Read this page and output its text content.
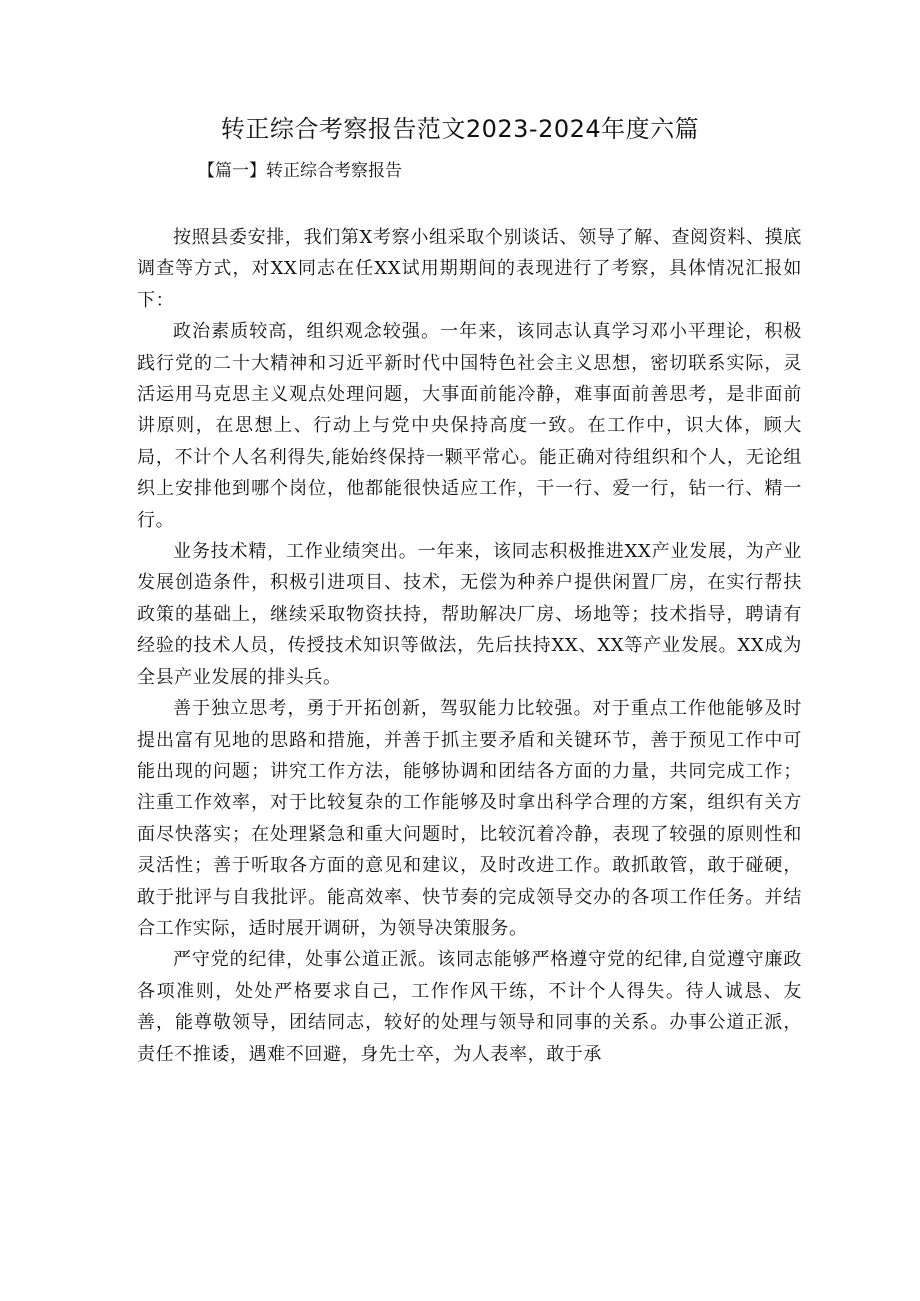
转正综合考察报告范文2023-2024年度六篇
【篇一】转正综合考察报告

按照县委安排，我们第X考察小组采取个别谈话、领导了解、查阅资料、摸底调查等方式，对XX同志在任XX试用期期间的表现进行了考察，具体情况汇报如下：

政治素质较高，组织观念较强。一年来，该同志认真学习邓小平理论，积极践行党的二十大精神和习近平新时代中国特色社会主义思想，密切联系实际，灵活运用马克思主义观点处理问题，大事面前能冷静，难事面前善思考，是非面前讲原则，在思想上、行动上与党中央保持高度一致。在工作中，识大体，顾大局，不计个人名利得失,能始终保持一颗平常心。能正确对待组织和个人，无论组织上安排他到哪个岗位，他都能很快适应工作，干一行、爱一行，钻一行、精一行。

业务技术精，工作业绩突出。一年来，该同志积极推进XX产业发展，为产业发展创造条件，积极引进项目、技术，无偿为种养户提供闲置厂房，在实行帮扶政策的基础上，继续采取物资扶持，帮助解决厂房、场地等；技术指导，聘请有经验的技术人员，传授技术知识等做法，先后扶持XX、XX等产业发展。XX成为全县产业发展的排头兵。

善于独立思考，勇于开拓创新，驾驭能力比较强。对于重点工作他能够及时提出富有见地的思路和措施，并善于抓主要矛盾和关键环节，善于预见工作中可能出现的问题；讲究工作方法，能够协调和团结各方面的力量，共同完成工作；注重工作效率，对于比较复杂的工作能够及时拿出科学合理的方案，组织有关方面尽快落实；在处理紧急和重大问题时，比较沉着冷静，表现了较强的原则性和灵活性；善于听取各方面的意见和建议，及时改进工作。敢抓敢管，敢于碰硬，敢于批评与自我批评。能高效率、快节奏的完成领导交办的各项工作任务。并结合工作实际，适时展开调研，为领导决策服务。

严守党的纪律，处事公道正派。该同志能够严格遵守党的纪律,自觉遵守廉政各项准则，处处严格要求自己，工作作风干练，不计个人得失。待人诚恳、友善，能尊敬领导，团结同志，较好的处理与领导和同事的关系。办事公道正派，责任不推诿，遇难不回避，身先士卒，为人表率，敢于承
